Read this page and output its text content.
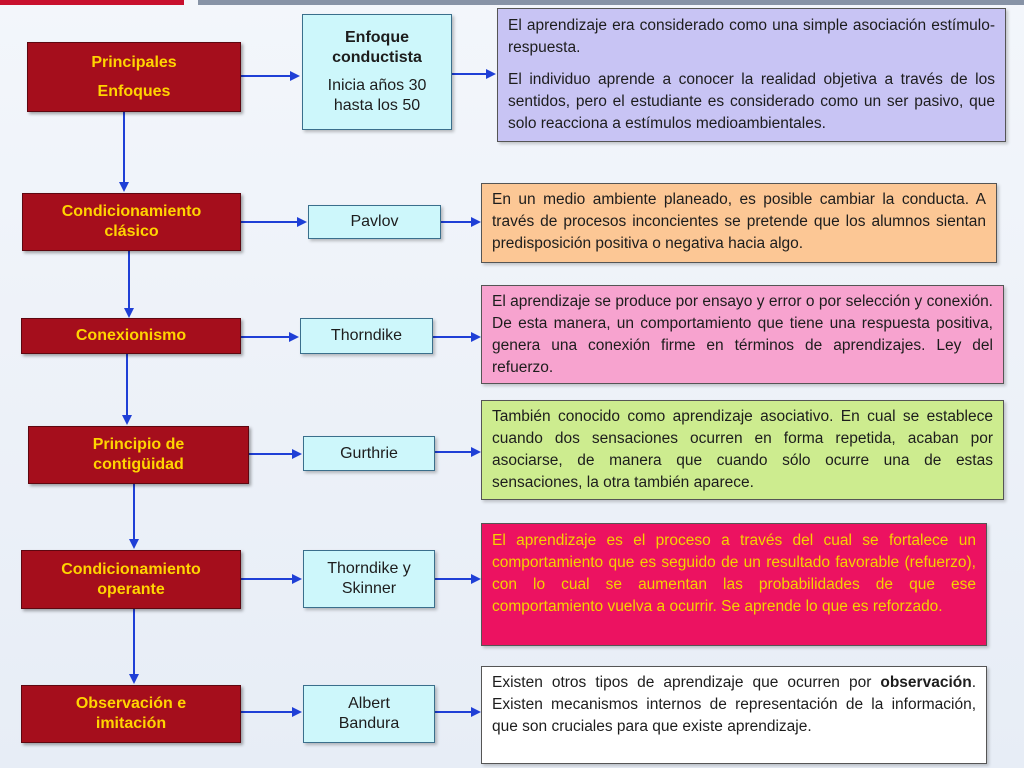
Principales
Enfoques
Enfoque
conductista
Inicia años 30
hasta los 50

El aprendizaje era considerado como una simple asociación estímulo-respuesta.

El individuo aprende a conocer la realidad objetiva a través de los sentidos, pero el estudiante es considerado como un ser pasivo, que solo reacciona a estímulos medioambientales.

Condicionamiento
clásico
Pavlov

En un medio ambiente planeado, es posible cambiar la conducta. A través de procesos inconcientes se pretende que los alumnos sientan predisposición positiva o negativa hacia algo.

Conexionismo	Thorndike

El aprendizaje se produce por ensayo y error o por selección y conexión. De esta manera, un comportamiento que tiene una respuesta positiva, genera una conexión firme en términos de aprendizajes. Ley del refuerzo.

Principio de
contigüidad
Gurthrie

También conocido como aprendizaje asociativo. En cual se establece cuando dos sensaciones ocurren en forma repetida, acaban por asociarse, de manera que cuando sólo ocurre una de estas sensaciones, la otra también aparece.

Condicionamiento
operante
Thorndike y
Skinner

El aprendizaje es el proceso a través del cual se fortalece un comportamiento que es seguido de un resultado favorable (refuerzo), con lo cual se aumentan las probabilidades de que ese comportamiento vuelva a ocurrir. Se aprende lo que es reforzado.

Observación e
imitación
Albert
Bandura

Existen otros tipos de aprendizaje que ocurren por observación. Existen mecanismos internos de representación de la información, que son cruciales para que existe aprendizaje.
